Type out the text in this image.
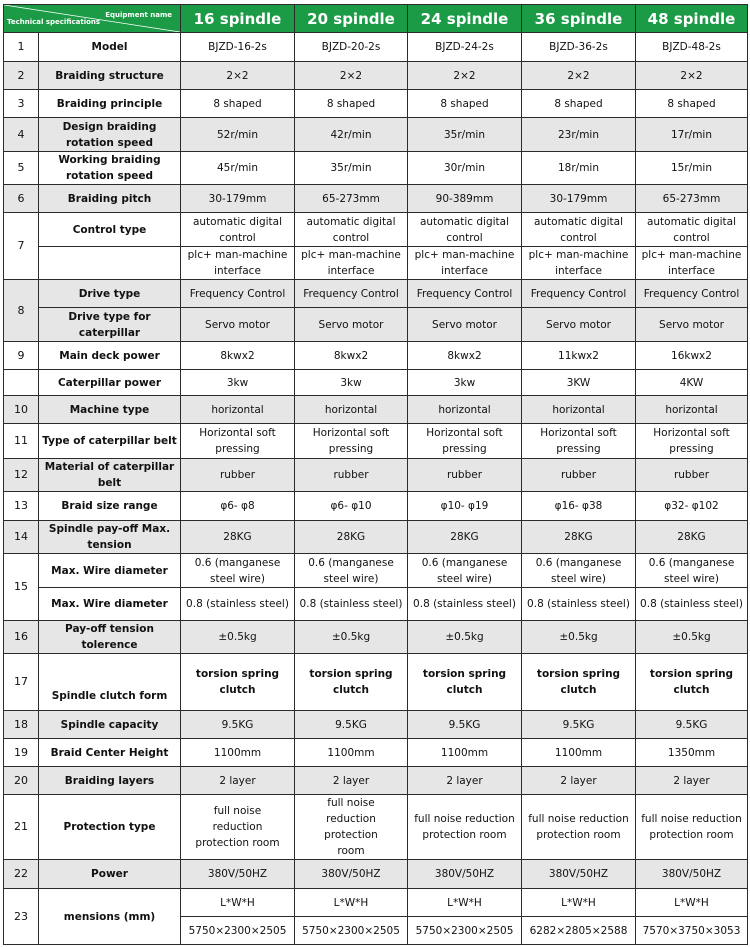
Equipment name
Technical specifications		16 spindle	20 spindle	24 spindle	36 spindle	48 spindle
1	Model	BJZD-16-2s	BJZD-20-2s	BJZD-24-2s	BJZD-36-2s	BJZD-48-2s
2	Braiding structure	2×2	2×2	2×2	2×2	2×2
3	Braiding principle	8 shaped	8 shaped	8 shaped	8 shaped	8 shaped
4	Design braiding rotation speed	52r/min	42r/min	35r/min	23r/min	17r/min
5	Working braiding rotation speed	45r/min	35r/min	30r/min	18r/min	15r/min
6	Braiding pitch	30-179mm	65-273mm	90-389mm	30-179mm	65-273mm
7	Control type	automatic digital control	automatic digital control	automatic digital control	automatic digital control	automatic digital control
		plc+ man-machine interface	plc+ man-machine interface	plc+ man-machine interface	plc+ man-machine interface	plc+ man-machine interface
8	Drive type	Frequency Control	Frequency Control	Frequency Control	Frequency Control	Frequency Control
	Drive type for caterpillar	Servo motor	Servo motor	Servo motor	Servo motor	Servo motor
9	Main deck power	8kwx2	8kwx2	8kwx2	11kwx2	16kwx2
	Caterpillar power	3kw	3kw	3kw	3KW	4KW
10	Machine type	horizontal	horizontal	horizontal	horizontal	horizontal
11	Type of caterpillar belt	Horizontal soft pressing	Horizontal soft pressing	Horizontal soft pressing	Horizontal soft pressing	Horizontal soft pressing
12	Material of caterpillar belt	rubber	rubber	rubber	rubber	rubber
13	Braid size range	φ6- φ8	φ6- φ10	φ10- φ19	φ16- φ38	φ32- φ102
14	Spindle pay-off Max. tension	28KG	28KG	28KG	28KG	28KG
15	Max. Wire diameter	0.6 (manganese steel wire)	0.6 (manganese steel wire)	0.6 (manganese steel wire)	0.6 (manganese steel wire)	0.6 (manganese steel wire)
	Max. Wire diameter	0.8 (stainless steel)	0.8 (stainless steel)	0.8 (stainless steel)	0.8 (stainless steel)	0.8 (stainless steel)
16	Pay-off tension tolerence	±0.5kg	±0.5kg	±0.5kg	±0.5kg	±0.5kg
17	Spindle clutch form	torsion spring clutch	torsion spring clutch	torsion spring clutch	torsion spring clutch	torsion spring clutch
18	Spindle capacity	9.5KG	9.5KG	9.5KG	9.5KG	9.5KG
19	Braid Center Height	1100mm	1100mm	1100mm	1100mm	1350mm
20	Braiding layers	2 layer	2 layer	2 layer	2 layer	2 layer
21	Protection type	full noise reduction protection room	full noise reduction protection room	full noise reduction protection room	full noise reduction protection room	full noise reduction protection room
22	Power	380V/50HZ	380V/50HZ	380V/50HZ	380V/50HZ	380V/50HZ
23	mensions (mm)	L*W*H	L*W*H	L*W*H	L*W*H	L*W*H
		5750×2300×2505	5750×2300×2505	5750×2300×2505	6282×2805×2588	7570×3750×3053
